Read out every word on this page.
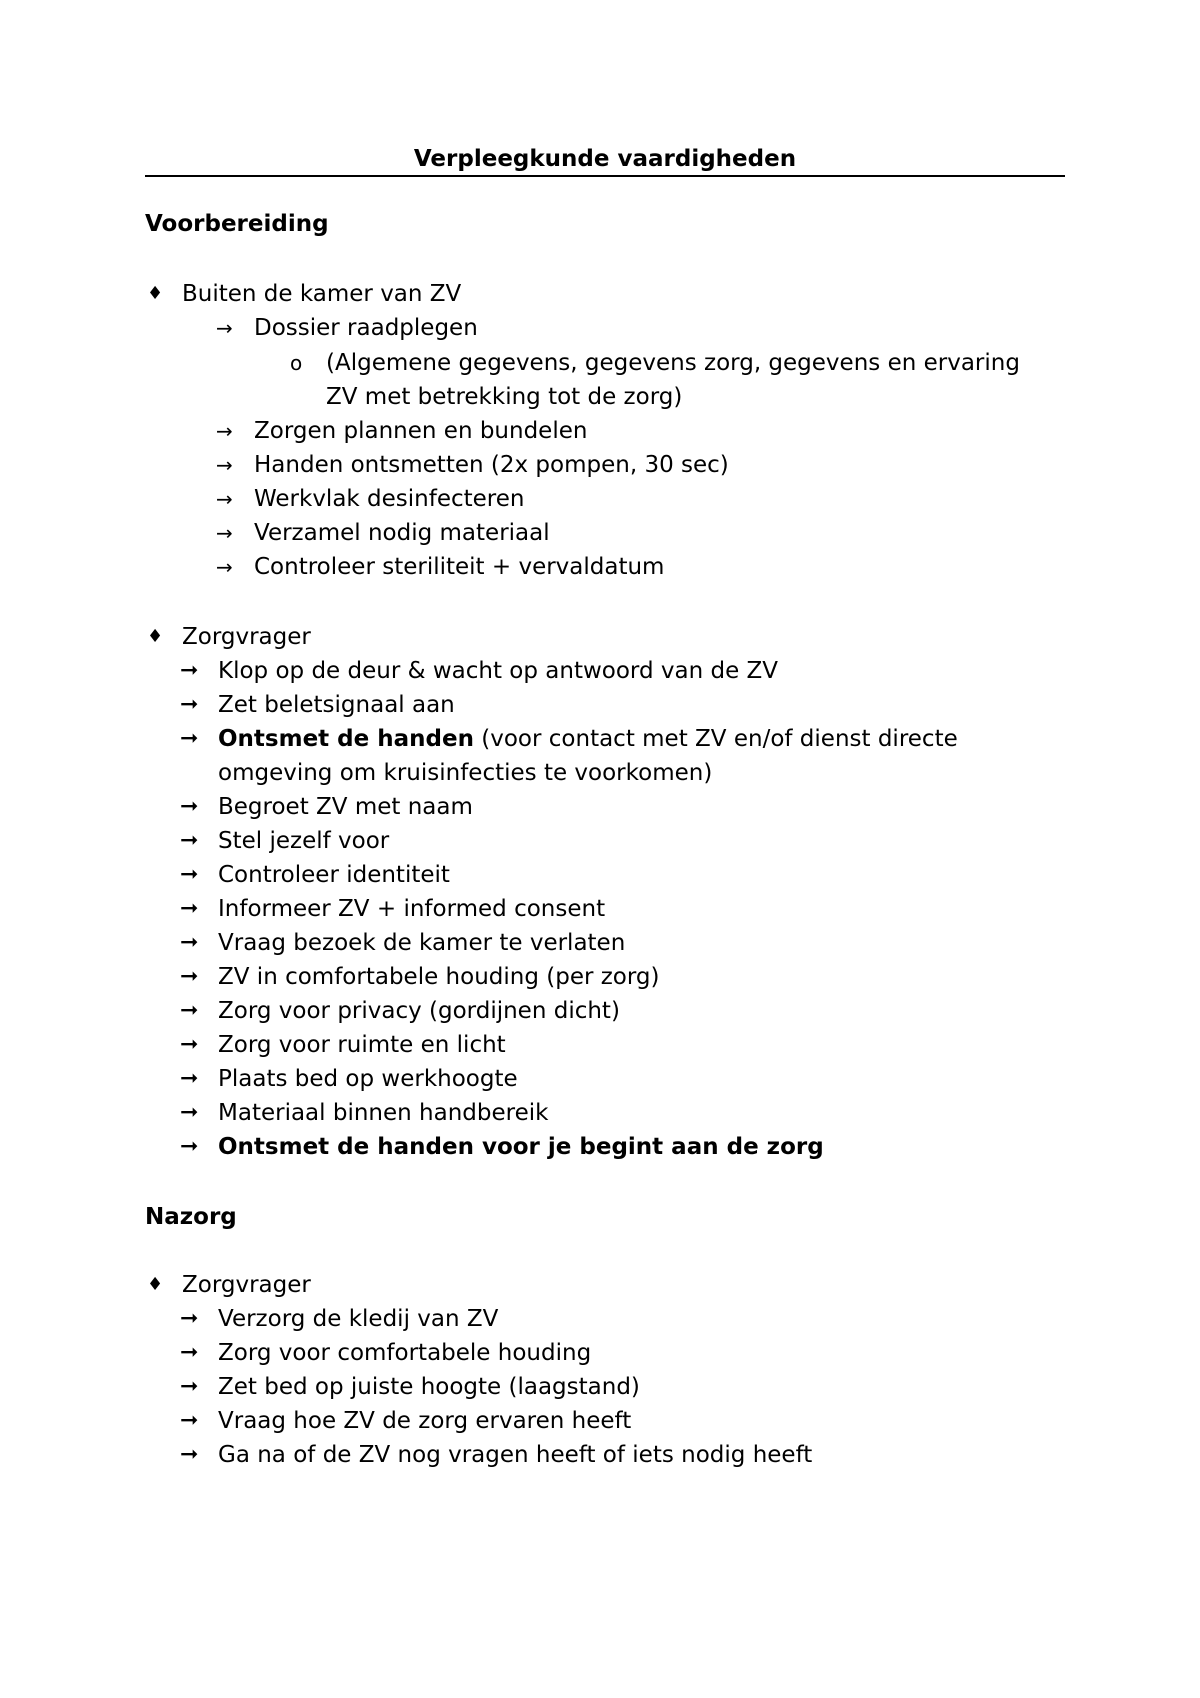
Verpleegkunde vaardigheden
Voorbereiding
♦ Buiten de kamer van ZV
→ Dossier raadplegen
o (Algemene gegevens, gegevens zorg, gegevens en ervaring
ZV met betrekking tot de zorg)
→ Zorgen plannen en bundelen
→ Handen ontsmetten (2x pompen, 30 sec)
→ Werkvlak desinfecteren
→ Verzamel nodig materiaal
→ Controleer steriliteit + vervaldatum
♦ Zorgvrager
➞ Klop op de deur & wacht op antwoord van de ZV
➞ Zet beletsignaal aan
➞ Ontsmet de handen (voor contact met ZV en/of dienst directe
omgeving om kruisinfecties te voorkomen)
➞ Begroet ZV met naam
➞ Stel jezelf voor
➞ Controleer identiteit
➞ Informeer ZV + informed consent
➞ Vraag bezoek de kamer te verlaten
➞ ZV in comfortabele houding (per zorg)
➞ Zorg voor privacy (gordijnen dicht)
➞ Zorg voor ruimte en licht
➞ Plaats bed op werkhoogte
➞ Materiaal binnen handbereik
➞ Ontsmet de handen voor je begint aan de zorg
Nazorg
♦ Zorgvrager
➞ Verzorg de kledij van ZV
➞ Zorg voor comfortabele houding
➞ Zet bed op juiste hoogte (laagstand)
➞ Vraag hoe ZV de zorg ervaren heeft
➞ Ga na of de ZV nog vragen heeft of iets nodig heeft
